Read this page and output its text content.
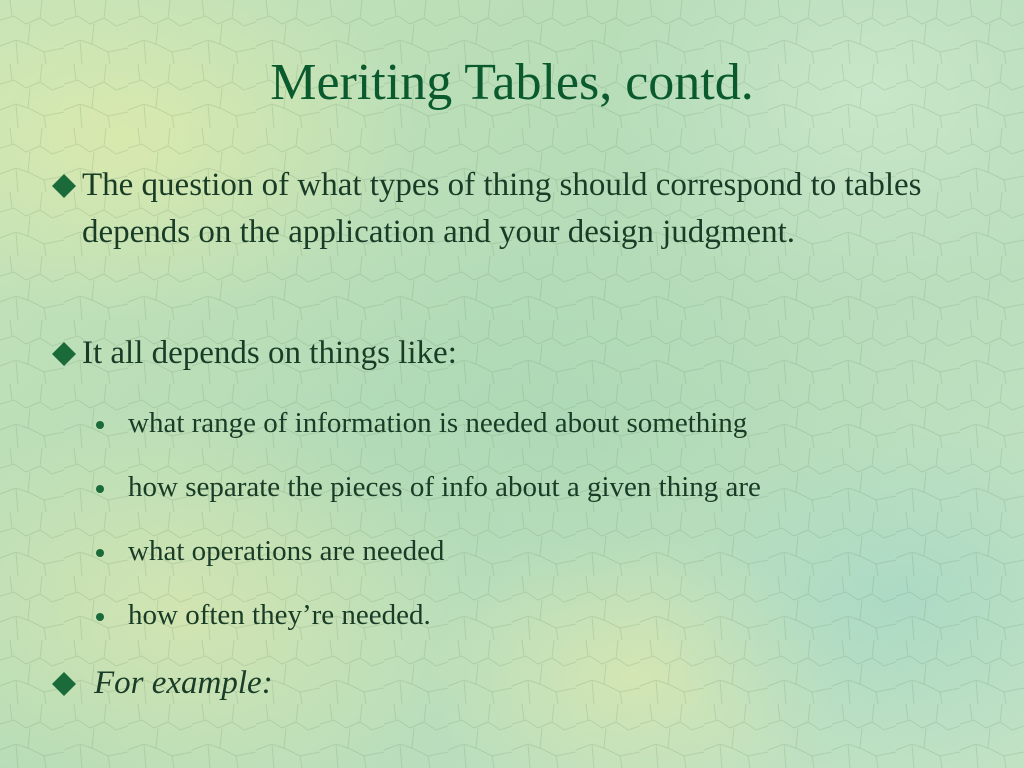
Meriting Tables, contd.
The question of what types of thing should correspond to tables depends on the application and your design judgment.
It all depends on things like:
what range of information is needed about something
how separate the pieces of info about a given thing are
what operations are needed
how often they’re needed.
For example:
